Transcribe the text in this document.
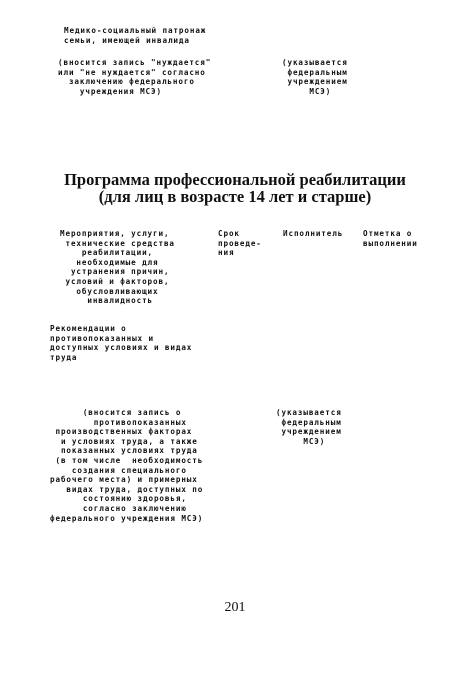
Медико-социальный патронаж
семьи, имеющей инвалида
(вносится запись "нуждается"
или "не нуждается" согласно
заключению федерального
учреждения МСЭ)
(указывается
федеральным
учреждением
МСЭ)
Программа профессиональной реабилитации
(для лиц в возрасте 14 лет и старше)
Мероприятия, услуги,
технические средства
реабилитации,
необходимые для
устранения причин,
условий и факторов,
обусловливающих
инвалидность
Срок
проведе-
ния
Исполнитель	Отметка о
выполнении
Рекомендации о
противопоказанных и
доступных условиях и видах
труда
(вносится запись о
противопоказанных
производственных факторах
и условиях труда, а также
показанных условиях труда
(в том числе  необходимость
создания специального
рабочего места) и примерных
видах труда, доступных по
состоянию здоровья,
согласно заключению
федерального учреждения МСЭ)
(указывается
федеральным
учреждением
МСЭ)
201
